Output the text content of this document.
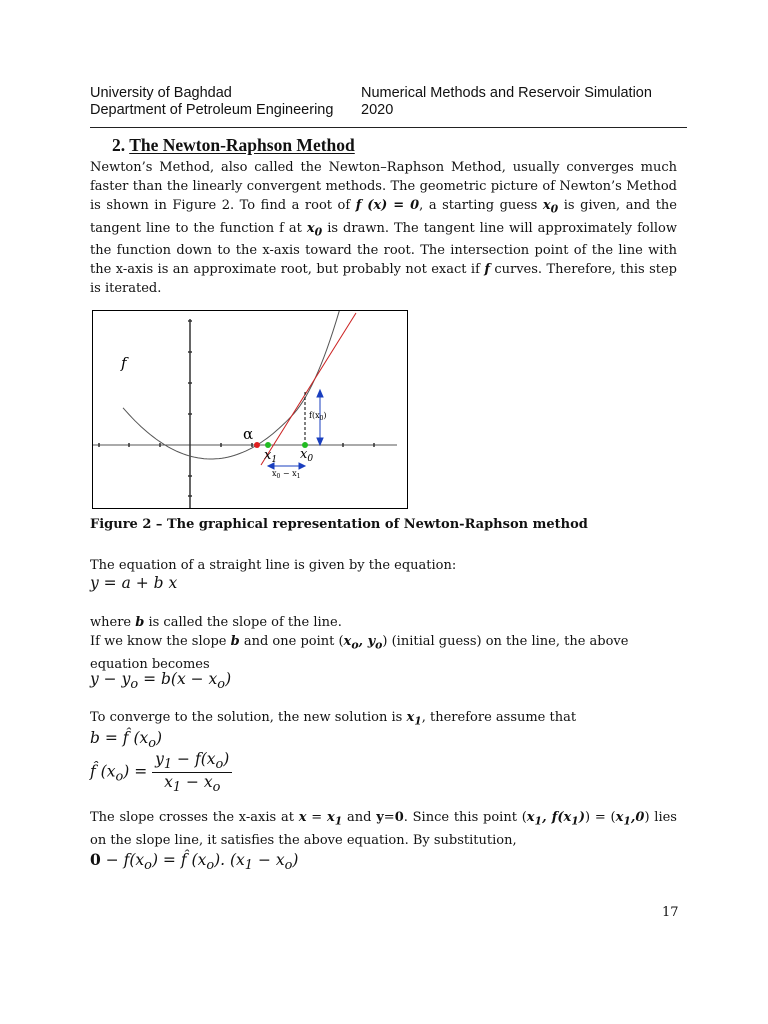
University of Baghdad
Department of Petroleum Engineering
Numerical Methods and Reservoir Simulation
2020
2. The Newton-Raphson Method
Newton’s Method, also called the Newton–Raphson Method, usually converges much faster than the linearly convergent methods. The geometric picture of Newton’s Method is shown in Figure 2. To find a root of f (x) = 0, a starting guess $x_0$ is given, and the tangent line to the function f at $x_0$ is drawn. The tangent line will approximately follow the function down to the x-axis toward the root. The intersection point of the line with the x-axis is an approximate root, but probably not exact if f curves. Therefore, this step is iterated.
f
α
$x_1$ $x_0$
$f(x_0)$
$x_0 - x_1$
Figure 2 – The graphical representation of Newton-Raphson method
The equation of a straight line is given by the equation:
y = a + b x
where b is called the slope of the line.
If we know the slope b and one point ($x_o$, $y_o$) (initial guess) on the line, the above equation becomes
$y - y_o = b(x - x_o)$
To converge to the solution, the new solution is $x_1$, therefore assume that
b = f̂ $(x_o)$
f̂ $(x_o) = \frac{y_1 - f(x_o)}{x_1 - x_o}$
The slope crosses the x-axis at $x = x_1$ and y=0. Since this point ($x_1$, $f(x_1)) = (x_1,0)$ lies on the slope line, it satisfies the above equation. By substitution,
$0 - f(x_o)$ = f̂ $(x_o)$. $(x_1 - x_o)$
17
